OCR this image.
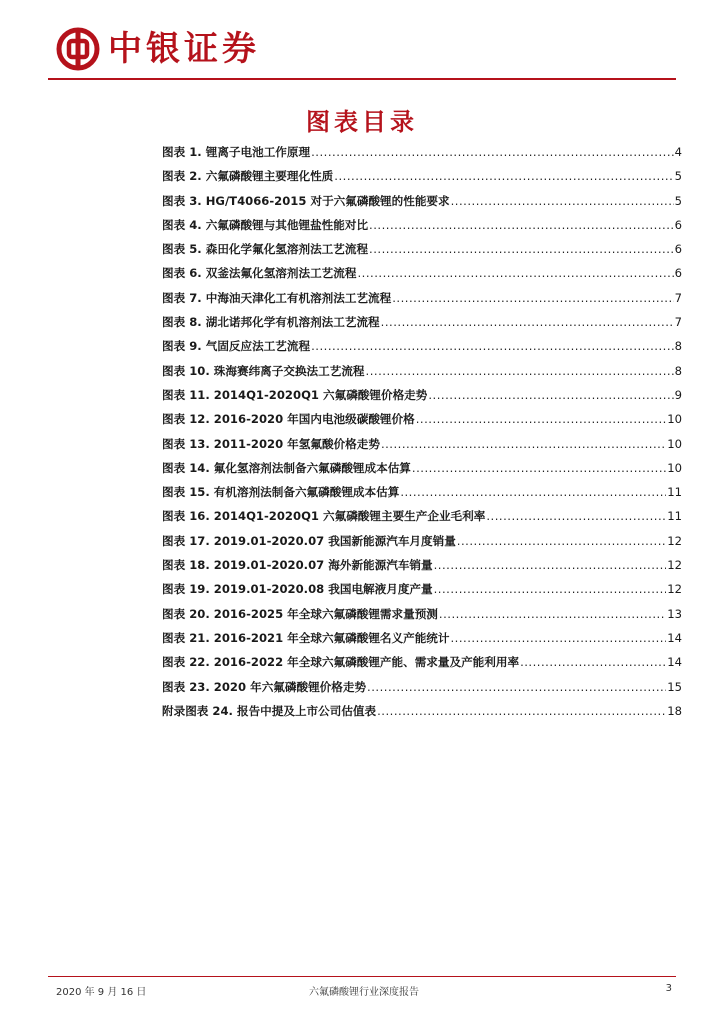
中银证券
图表目录
图表 1. 锂离子电池工作原理 .....	4
图表 2. 六氟磷酸锂主要理化性质 .....	5
图表 3. HG/T4066-2015 对于六氟磷酸锂的性能要求 .....	5
图表 4. 六氟磷酸锂与其他锂盐性能对比 .....	6
图表 5. 森田化学氟化氢溶剂法工艺流程 .....	6
图表 6. 双釜法氟化氢溶剂法工艺流程 .....	6
图表 7. 中海油天津化工有机溶剂法工艺流程 .....	7
图表 8. 湖北诺邦化学有机溶剂法工艺流程 .....	7
图表 9. 气固反应法工艺流程 .....	8
图表 10. 珠海赛纬离子交换法工艺流程 .....	8
图表 11. 2014Q1-2020Q1 六氟磷酸锂价格走势 .....	9
图表 12. 2016-2020 年国内电池级碳酸锂价格 .....	10
图表 13. 2011-2020 年氢氟酸价格走势 .....	10
图表 14. 氟化氢溶剂法制备六氟磷酸锂成本估算 .....	10
图表 15. 有机溶剂法制备六氟磷酸锂成本估算 .....	11
图表 16. 2014Q1-2020Q1 六氟磷酸锂主要生产企业毛利率 .....	11
图表 17. 2019.01-2020.07 我国新能源汽车月度销量 .....	12
图表 18. 2019.01-2020.07 海外新能源汽车销量 .....	12
图表 19. 2019.01-2020.08 我国电解液月度产量 .....	12
图表 20. 2016-2025 年全球六氟磷酸锂需求量预测 .....	13
图表 21. 2016-2021 年全球六氟磷酸锂名义产能统计 .....	14
图表 22. 2016-2022 年全球六氟磷酸锂产能、需求量及产能利用率 .....	14
图表 23. 2020 年六氟磷酸锂价格走势 .....	15
附录图表 24. 报告中提及上市公司估值表 .....	18
2020 年 9 月 16 日	六氟磷酸锂行业深度报告	3
